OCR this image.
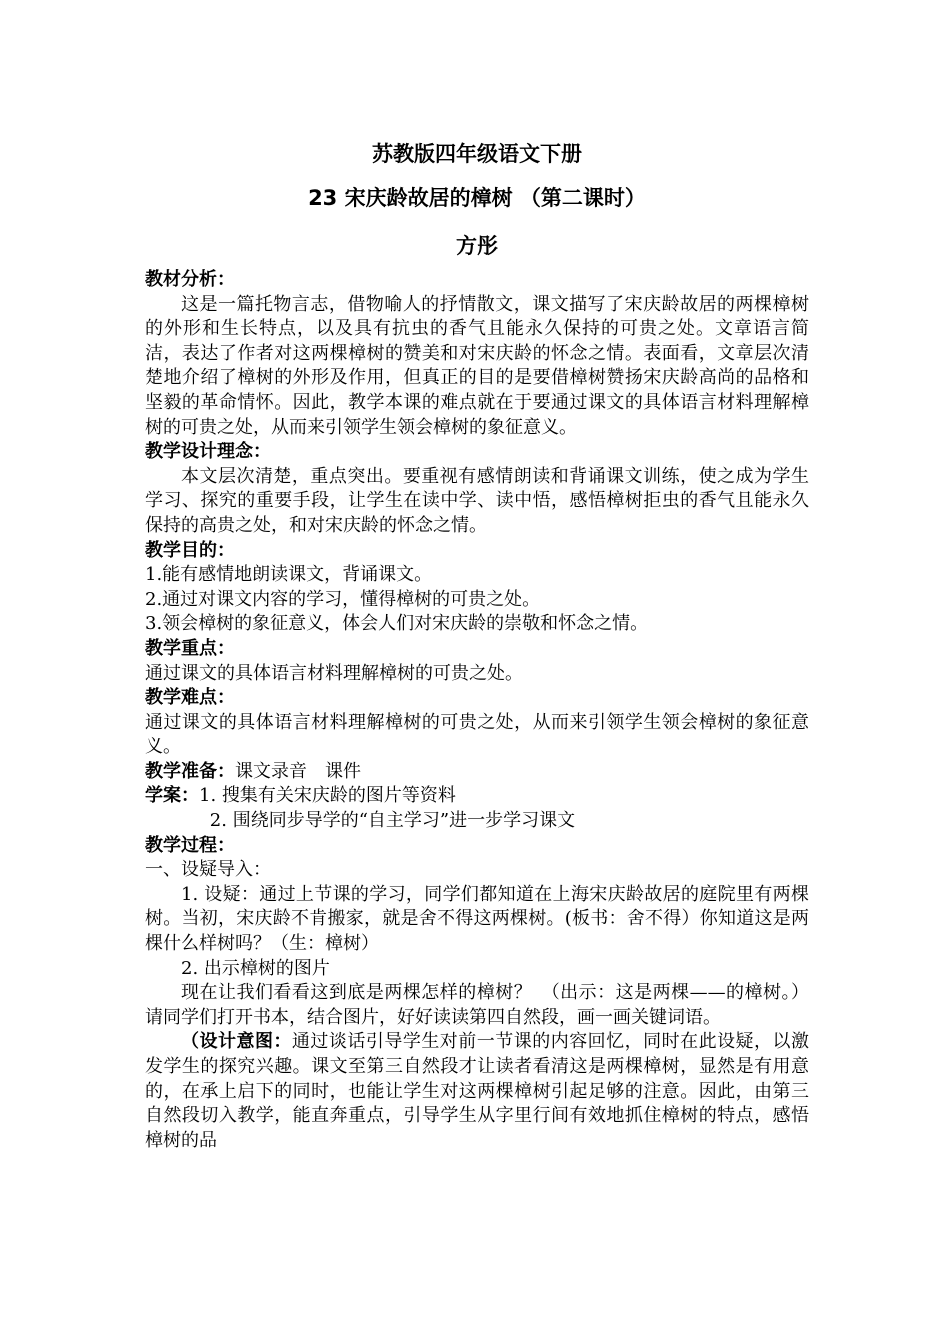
苏教版四年级语文下册
23 宋庆龄故居的樟树 （第二课时）
方彤

教材分析：

这是一篇托物言志，借物喻人的抒情散文，课文描写了宋庆龄故居的两棵樟树的外形和生长特点，以及具有抗虫的香气且能永久保持的可贵之处。文章语言简洁，表达了作者对这两棵樟树的赞美和对宋庆龄的怀念之情。表面看，文章层次清楚地介绍了樟树的外形及作用，但真正的目的是要借樟树赞扬宋庆龄高尚的品格和坚毅的革命情怀。因此，教学本课的难点就在于要通过课文的具体语言材料理解樟树的可贵之处，从而来引领学生领会樟树的象征意义。

教学设计理念：

本文层次清楚，重点突出。要重视有感情朗读和背诵课文训练，使之成为学生学习、探究的重要手段，让学生在读中学、读中悟，感悟樟树拒虫的香气且能永久保持的高贵之处，和对宋庆龄的怀念之情。

教学目的：

1.能有感情地朗读课文，背诵课文。

2.通过对课文内容的学习，懂得樟树的可贵之处。

3.领会樟树的象征意义，体会人们对宋庆龄的崇敬和怀念之情。

教学重点：

通过课文的具体语言材料理解樟树的可贵之处。

教学难点：

通过课文的具体语言材料理解樟树的可贵之处，从而来引领学生领会樟树的象征意义。

教学准备：课文录音　课件

学案：1. 搜集有关宋庆龄的图片等资料

2. 围绕同步导学的“自主学习”进一步学习课文

教学过程：

一、设疑导入：

1. 设疑：通过上节课的学习，同学们都知道在上海宋庆龄故居的庭院里有两棵树。当初，宋庆龄不肯搬家，就是舍不得这两棵树。(板书：舍不得）你知道这是两棵什么样树吗？（生：樟树）

2. 出示樟树的图片

现在让我们看看这到底是两棵怎样的樟树？　（出示：这是两棵——的樟树。）请同学们打开书本，结合图片，好好读读第四自然段，画一画关键词语。

（设计意图：通过谈话引导学生对前一节课的内容回忆，同时在此设疑，以激发学生的探究兴趣。课文至第三自然段才让读者看清这是两棵樟树，显然是有用意的，在承上启下的同时，也能让学生对这两棵樟树引起足够的注意。因此，由第三自然段切入教学，能直奔重点，引导学生从字里行间有效地抓住樟树的特点，感悟樟树的品
